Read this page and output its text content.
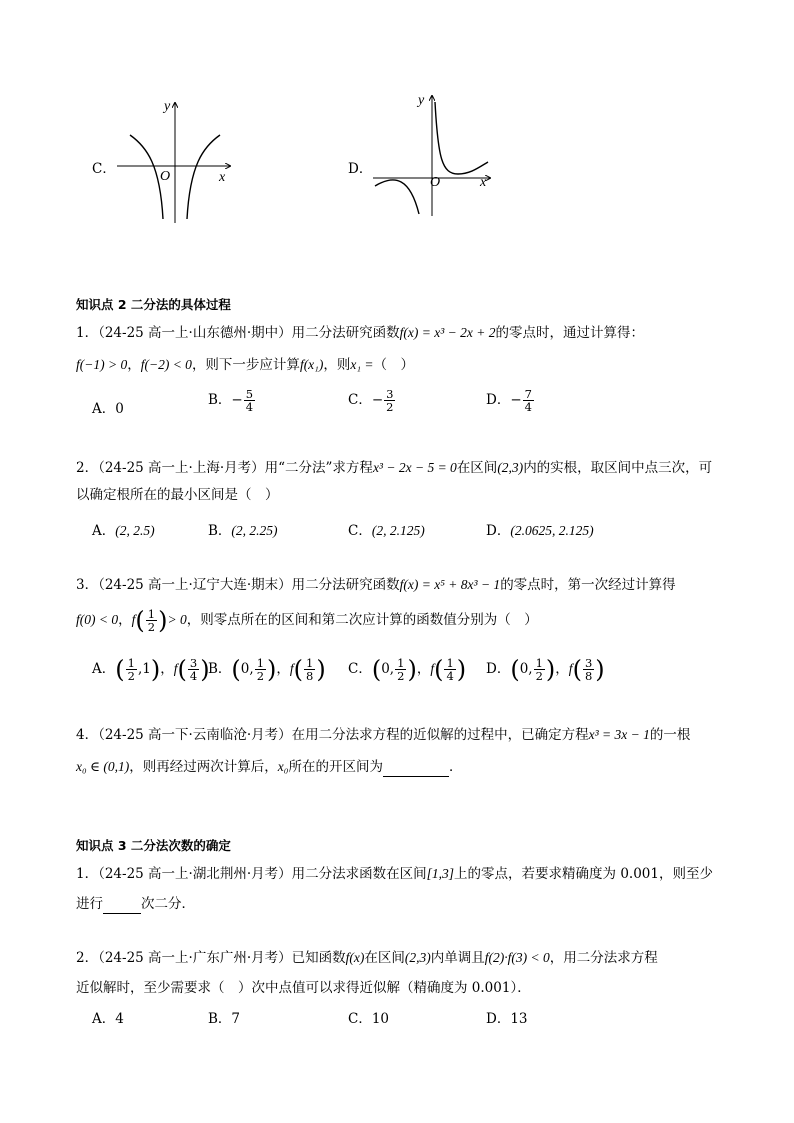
C．
y
O	x
D．
y
O	x
知识点 2 二分法的具体过程
1．（24-25 高一上·山东德州·期中）用二分法研究函数f(x) = x³ − 2x + 2的零点时，通过计算得：
f(−1) > 0，f(−2) < 0，则下一步应计算f(x₁)，则x₁ =（　）
A．0
B．− $\frac{5}{4}$	C．− $\frac{3}{2}$	D．− $\frac{7}{4}$
2．（24-25 高一上·上海·月考）用“二分法”求方程x³ − 2x − 5 = 0在区间(2,3)内的实根，取区间中点三次，可
以确定根所在的最小区间是（　）
A．(2, 2.5)	B．(2, 2.25)	C．(2, 2.125)	D．(2.0625, 2.125)
3．（24-25 高一上·辽宁大连·期末）用二分法研究函数f(x) = x⁵ + 8x³ − 1的零点时，第一次经过计算得
f(0) < 0，$f( \frac{1}{2}$ )> 0，则零点所在的区间和第二次应计算的函数值分别为（　）
A．( $\frac{1}{2} ,1$)，$f( \frac{3}{4}$ )
B．(0, $\frac{1}{2}$ )，$f( \frac{1}{8}$ ) C．(0, $\frac{1}{2}$ )，$f( \frac{1}{4}$ ) D．(0, $\frac{1}{2}$ )，$f( \frac{3}{8}$ )
4．（24-25 高一下·云南临沧·月考）在用二分法求方程的近似解的过程中，已确定方程x³ = 3x − 1的一根
x₀ ∈ (0,1)，则再经过两次计算后，x₀所在的开区间为	．
知识点 3 二分法次数的确定
1．（24-25 高一上·湖北荆州·月考）用二分法求函数在区间[1,3]上的零点，若要求精确度为 0.001，则至少
进行	次二分．
2．（24-25 高一上·广东广州·月考）已知函数f(x)在区间(2,3)内单调且f(2)·f(3) < 0，用二分法求方程
近似解时，至少需要求（　）次中点值可以求得近似解（精确度为 0.001）．
A．4	B．7	C．10	D．13
